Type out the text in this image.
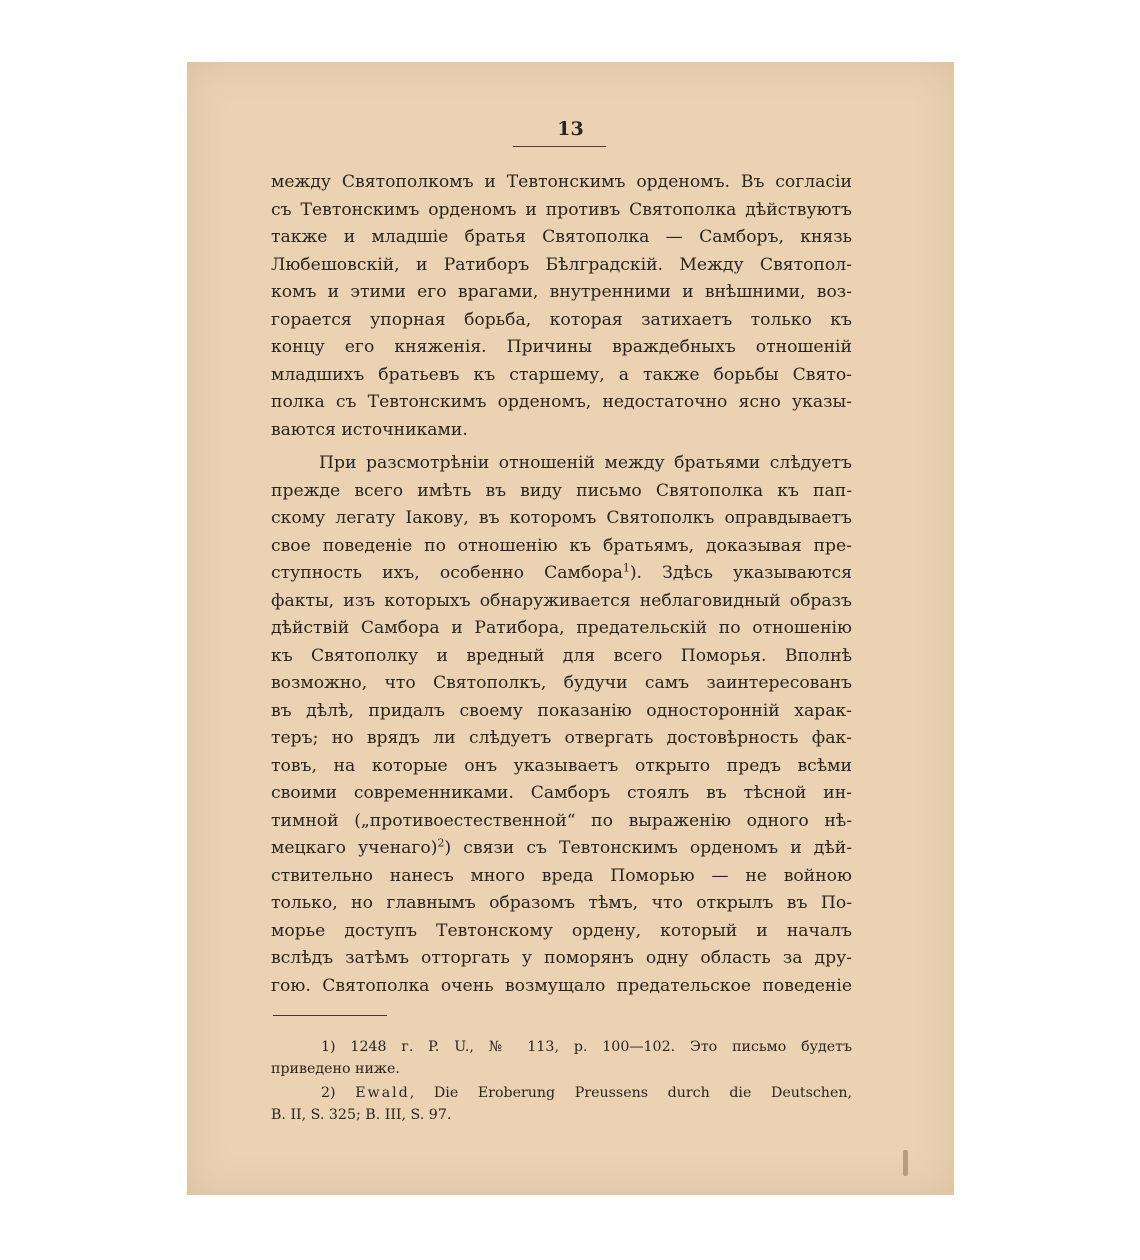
13
между Святополкомъ и Тевтонскимъ орденомъ. Въ согласіи
съ Тевтонскимъ орденомъ и противъ Святополка дѣйствуютъ
также и младшіе братья Святополка — Самборъ, князь
Любешовскій, и Ратиборъ Бѣлградскій. Между Святопол-
комъ и этими его врагами, внутренними и внѣшними, воз-
горается упорная борьба, которая затихаетъ только къ
концу его княженія. Причины враждебныхъ отношеній
младшихъ братьевъ къ старшему, а также борьбы Свято-
полка съ Тевтонскимъ орденомъ, недостаточно ясно указы-
ваются источниками.
При разсмотрѣніи отношеній между братьями слѣдуетъ
прежде всего имѣть въ виду письмо Святополка къ пап-
скому легату Іакову, въ которомъ Святополкъ оправдываетъ
свое поведеніе по отношенію къ братьямъ, доказывая пре-
ступность ихъ, особенно Самбора$^1$). Здѣсь указываются
факты, изъ которыхъ обнаруживается неблаговидный образъ
дѣйствій Самбора и Ратибора, предательскій по отношенію
къ Святополку и вредный для всего Поморья. Вполнѣ
возможно, что Святополкъ, будучи самъ заинтересованъ
въ дѣлѣ, придалъ своему показанію односторонній харак-
теръ; но врядъ ли слѣдуетъ отвергать достовѣрность фак-
товъ, на которые онъ указываетъ открыто предъ всѣми
своими современниками. Самборъ стоялъ въ тѣсной ин-
тимной („противоестественной“ по выраженію одного нѣ-
мецкаго ученаго)$^2$) связи съ Тевтонскимъ орденомъ и дѣй-
ствительно нанесъ много вреда Поморью — не войною
только, но главнымъ образомъ тѣмъ, что открылъ въ По-
морье доступъ Тевтонскому ордену, который и началъ
вслѣдъ затѣмъ отторгать у поморянъ одну область за дру-
гою. Святополка очень возмущало предательское поведеніе
1) 1248 г. P. U., № 113, p. 100—102. Это письмо будетъ
приведено ниже.
2) Ewald, Die Eroberung Preussens durch die Deutschen,
B. II, S. 325; B. III, S. 97.
